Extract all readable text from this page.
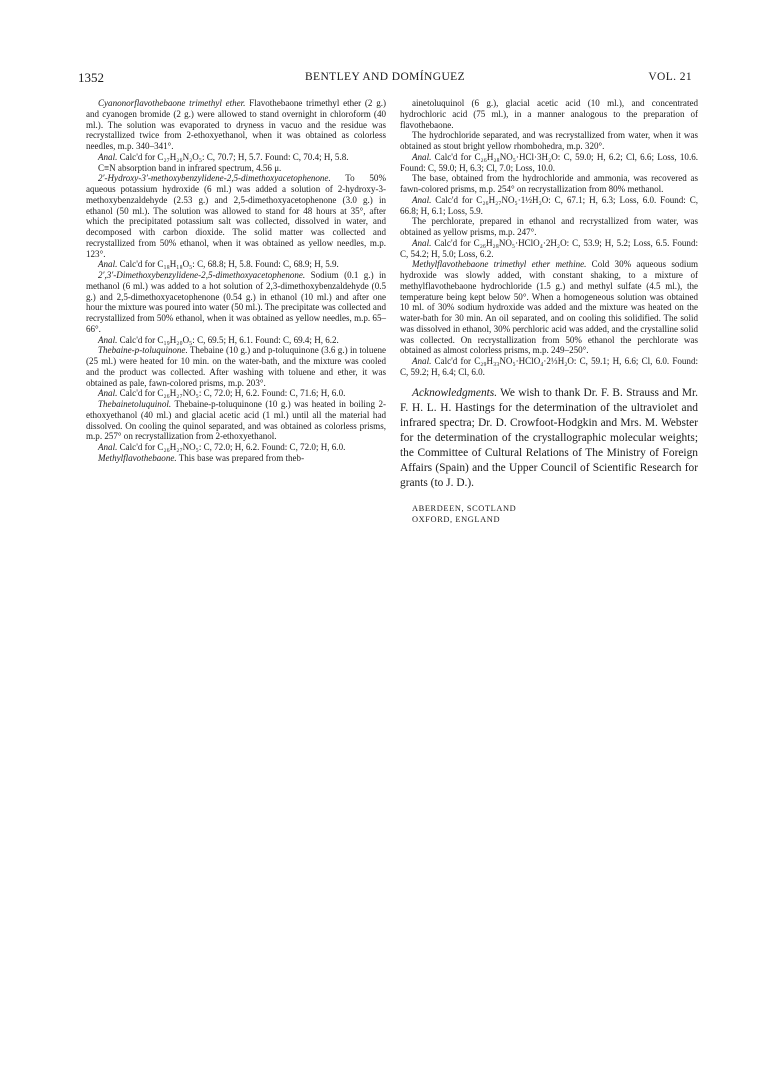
1352	BENTLEY AND DOMÍNGUEZ	VOL. 21

Cyanonorflavothebaone trimethyl ether. Flavothebaone trimethyl ether (2 g.) and cyanogen bromide (2 g.) were allowed to stand overnight in chloroform (40 ml.). The solution was evaporated to dryness in vacuo and the residue was recrystallized twice from 2-ethoxyethanol, when it was obtained as colorless needles, m.p. 340–341°.

Anal. Calc'd for C₂₇H₂₆N₂O₅: C, 70.7; H, 5.7. Found: C, 70.4; H, 5.8.

C≡N absorption band in infrared spectrum, 4.56 μ.

2′-Hydroxy-3′-methoxybenzylidene-2,5-dimethoxyacetophenone. To 50% aqueous potassium hydroxide (6 ml.) was added a solution of 2-hydroxy-3-methoxybenzaldehyde (2.53 g.) and 2,5-dimethoxyacetophenone (3.0 g.) in ethanol (50 ml.). The solution was allowed to stand for 48 hours at 35°, after which the precipitated potassium salt was collected, dissolved in water, and decomposed with carbon dioxide. The solid matter was collected and recrystallized from 50% ethanol, when it was obtained as yellow needles, m.p. 123°.

Anal. Calc'd for C₁₈H₁₈O₅: C, 68.8; H, 5.8. Found: C, 68.9; H, 5.9.

2′,3′-Dimethoxybenzylidene-2,5-dimethoxyacetophenone. Sodium (0.1 g.) in methanol (6 ml.) was added to a hot solution of 2,3-dimethoxybenzaldehyde (0.5 g.) and 2,5-dimethoxyacetophenone (0.54 g.) in ethanol (10 ml.) and after one hour the mixture was poured into water (50 ml.). The precipitate was collected and recrystallized from 50% ethanol, when it was obtained as yellow needles, m.p. 65–66°.

Anal. Calc'd for C₁₉H₂₀O₅: C, 69.5; H, 6.1. Found: C, 69.4; H, 6.2.

Thebaine-p-toluquinone. Thebaine (10 g.) and p-toluquinone (3.6 g.) in toluene (25 ml.) were heated for 10 min. on the water-bath, and the mixture was cooled and the product was collected. After washing with toluene and ether, it was obtained as pale, fawn-colored prisms, m.p. 203°.

Anal. Calc'd for C₂₆H₂₇NO₅: C, 72.0; H, 6.2. Found: C, 71.6; H, 6.0.

Thebainetoluquinol. Thebaine-p-toluquinone (10 g.) was heated in boiling 2-ethoxyethanol (40 ml.) and glacial acetic acid (1 ml.) until all the material had dissolved. On cooling the quinol separated, and was obtained as colorless prisms, m.p. 257° on recrystallization from 2-ethoxyethanol.

Anal. Calc'd for C₂₆H₂₇NO₅: C, 72.0; H, 6.2. Found: C, 72.0; H, 6.0.

Methylflavothebaone. This base was prepared from theb-

ainetoluquinol (6 g.), glacial acetic acid (10 ml.), and concentrated hydrochloric acid (75 ml.), in a manner analogous to the preparation of flavothebaone.

The hydrochloride separated, and was recrystallized from water, when it was obtained as stout bright yellow rhombohedra, m.p. 320°.

Anal. Calc'd for C₂₆H₂₈NO₅·HCl·3H₂O: C, 59.0; H, 6.2; Cl, 6.6; Loss, 10.6. Found: C, 59.0; H, 6.3; Cl, 7.0; Loss, 10.0.

The base, obtained from the hydrochloride and ammonia, was recovered as fawn-colored prisms, m.p. 254° on recrystallization from 80% methanol.

Anal. Calc'd for C₂₆H₂₇NO₅·1½H₂O: C, 67.1; H, 6.3; Loss, 6.0. Found: C, 66.8; H, 6.1; Loss, 5.9.

The perchlorate, prepared in ethanol and recrystallized from water, was obtained as yellow prisms, m.p. 247°.

Anal. Calc'd for C₂₆H₂₈NO₅·HClO₄·2H₂O: C, 53.9; H, 5.2; Loss, 6.5. Found: C, 54.2; H, 5.0; Loss, 6.2.

Methylflavothebaone trimethyl ether methine. Cold 30% aqueous sodium hydroxide was slowly added, with constant shaking, to a mixture of methylflavothebaone hydrochloride (1.5 g.) and methyl sulfate (4.5 ml.), the temperature being kept below 50°. When a homogeneous solution was obtained 10 ml. of 30% sodium hydroxide was added and the mixture was heated on the water-bath for 30 min. An oil separated, and on cooling this solidified. The solid was dissolved in ethanol, 30% perchloric acid was added, and the crystalline solid was collected. On recrystallization from 50% ethanol the perchlorate was obtained as almost colorless prisms, m.p. 249–250°.

Anal. Calc'd for C₂₉H₃₃NO₅·HClO₄·2⅓H₂O: C, 59.1; H, 6.6; Cl, 6.0. Found: C, 59.2; H, 6.4; Cl, 6.0.

Acknowledgments. We wish to thank Dr. F. B. Strauss and Mr. F. H. L. H. Hastings for the determination of the ultraviolet and infrared spectra; Dr. D. Crowfoot-Hodgkin and Mrs. M. Webster for the determination of the crystallographic molecular weights; the Committee of Cultural Relations of The Ministry of Foreign Affairs (Spain) and the Upper Council of Scientific Research for grants (to J. D.).

ABERDEEN, SCOTLAND
OXFORD, ENGLAND
